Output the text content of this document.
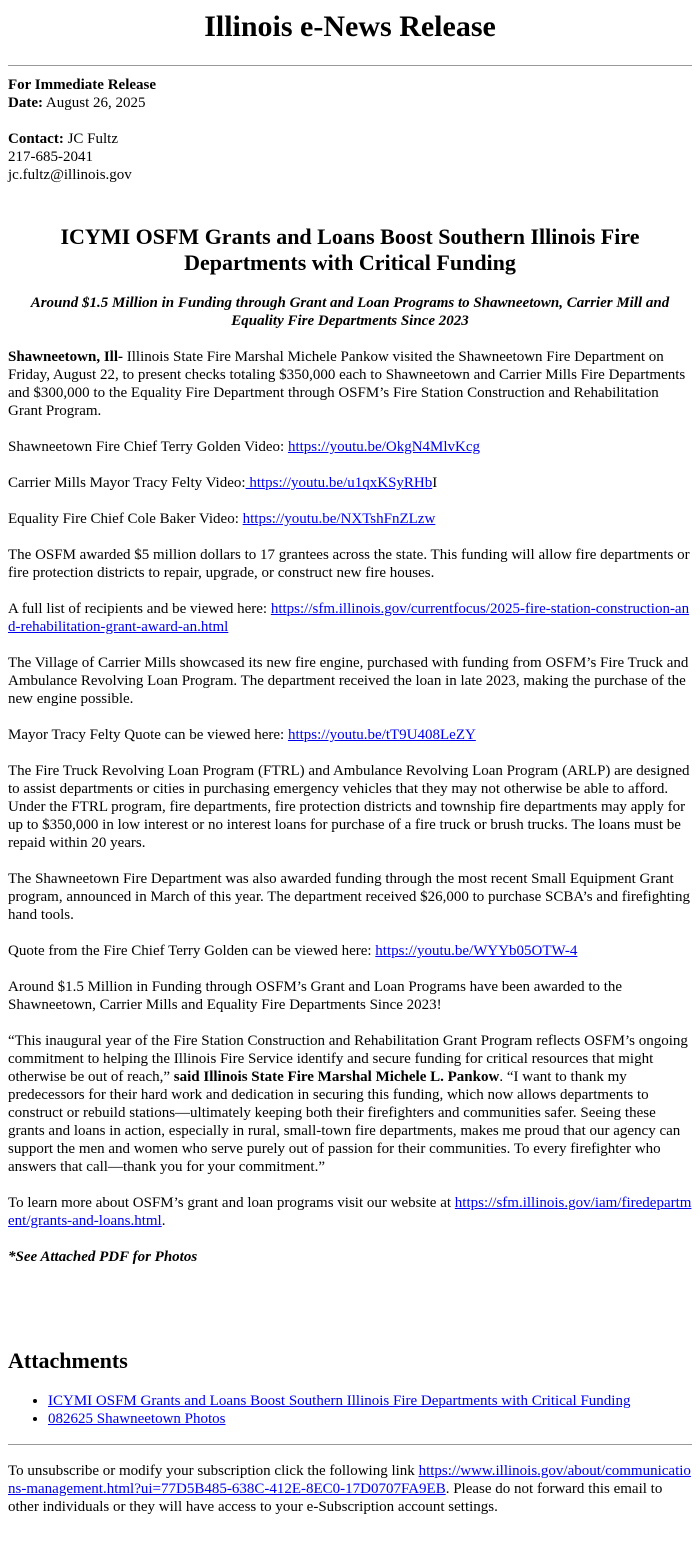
Illinois e-News Release
For Immediate Release
Date: August 26, 2025
Contact: JC Fultz
217-685-2041
jc.fultz@illinois.gov
ICYMI OSFM Grants and Loans Boost Southern Illinois Fire Departments with Critical Funding
Around $1.5 Million in Funding through Grant and Loan Programs to Shawneetown, Carrier Mill and Equality Fire Departments Since 2023

Shawneetown, Ill- Illinois State Fire Marshal Michele Pankow visited the Shawneetown Fire Department on Friday, August 22, to present checks totaling $350,000 each to Shawneetown and Carrier Mills Fire Departments and $300,000 to the Equality Fire Department through OSFM’s Fire Station Construction and Rehabilitation Grant Program.

Shawneetown Fire Chief Terry Golden Video: https://youtu.be/OkgN4MlvKcg

Carrier Mills Mayor Tracy Felty Video: https://youtu.be/u1qxKSyRHbI

Equality Fire Chief Cole Baker Video: https://youtu.be/NXTshFnZLzw

The OSFM awarded $5 million dollars to 17 grantees across the state. This funding will allow fire departments or fire protection districts to repair, upgrade, or construct new fire houses.

A full list of recipients and be viewed here: https://sfm.illinois.gov/currentfocus/2025-fire-station-construction-and-rehabilitation-grant-award-an.html

The Village of Carrier Mills showcased its new fire engine, purchased with funding from OSFM’s Fire Truck and Ambulance Revolving Loan Program. The department received the loan in late 2023, making the purchase of the new engine possible.

Mayor Tracy Felty Quote can be viewed here: https://youtu.be/tT9U408LeZY

The Fire Truck Revolving Loan Program (FTRL) and Ambulance Revolving Loan Program (ARLP) are designed to assist departments or cities in purchasing emergency vehicles that they may not otherwise be able to afford. Under the FTRL program, fire departments, fire protection districts and township fire departments may apply for up to $350,000 in low interest or no interest loans for purchase of a fire truck or brush trucks. The loans must be repaid within 20 years.

The Shawneetown Fire Department was also awarded funding through the most recent Small Equipment Grant program, announced in March of this year. The department received $26,000 to purchase SCBA’s and firefighting hand tools.

Quote from the Fire Chief Terry Golden can be viewed here: https://youtu.be/WYYb05OTW-4

Around $1.5 Million in Funding through OSFM’s Grant and Loan Programs have been awarded to the Shawneetown, Carrier Mills and Equality Fire Departments Since 2023!

“This inaugural year of the Fire Station Construction and Rehabilitation Grant Program reflects OSFM’s ongoing commitment to helping the Illinois Fire Service identify and secure funding for critical resources that might otherwise be out of reach,” said Illinois State Fire Marshal Michele L. Pankow. “I want to thank my predecessors for their hard work and dedication in securing this funding, which now allows departments to construct or rebuild stations—ultimately keeping both their firefighters and communities safer. Seeing these grants and loans in action, especially in rural, small-town fire departments, makes me proud that our agency can support the men and women who serve purely out of passion for their communities. To every firefighter who answers that call—thank you for your commitment.”

To learn more about OSFM’s grant and loan programs visit our website at https://sfm.illinois.gov/iam/firedepartment/grants-and-loans.html.

*See Attached PDF for Photos
Attachments
• ICYMI OSFM Grants and Loans Boost Southern Illinois Fire Departments with Critical Funding
• 082625 Shawneetown Photos
To unsubscribe or modify your subscription click the following link https://www.illinois.gov/about/communications-management.html?ui=77D5B485-638C-412E-8EC0-17D0707FA9EB. Please do not forward this email to other individuals or they will have access to your e-Subscription account settings.
